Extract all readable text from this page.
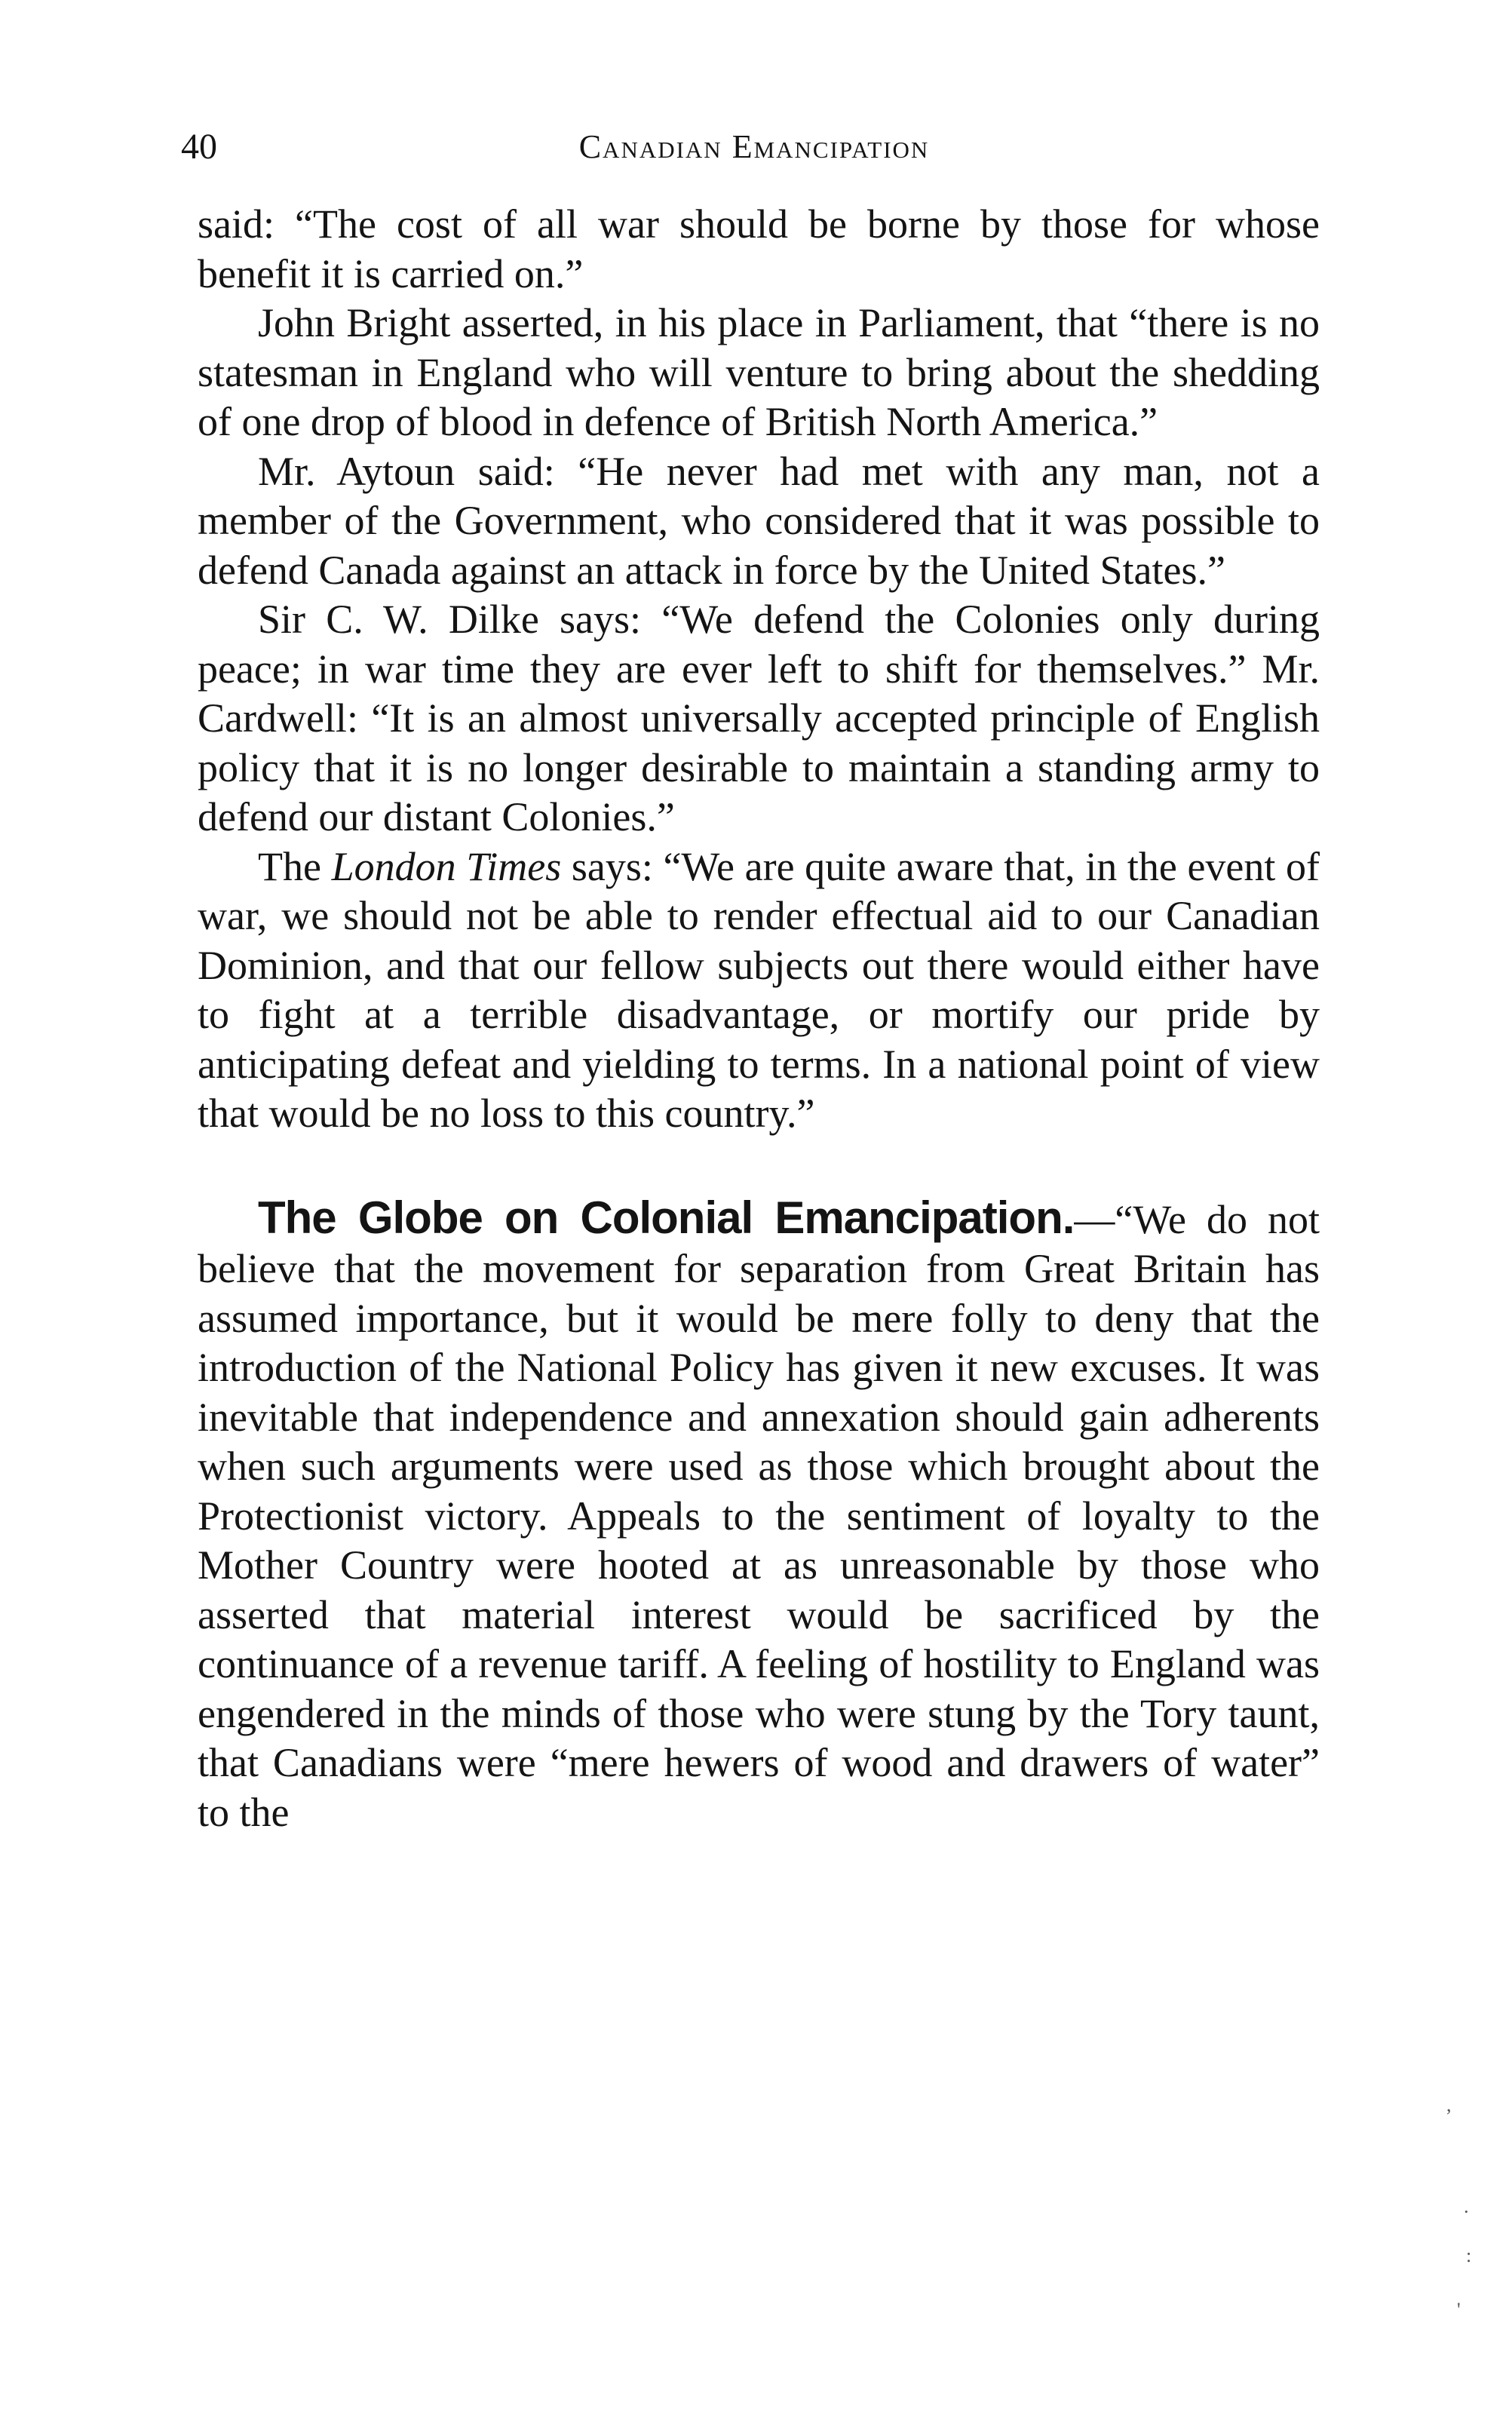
40	Canadian Emancipation

said: “The cost of all war should be borne by those for whose benefit it is carried on.”

John Bright asserted, in his place in Parliament, that “there is no statesman in England who will venture to bring about the shedding of one drop of blood in defence of British North America.”

Mr. Aytoun said: “He never had met with any man, not a member of the Government, who considered that it was possible to defend Canada against an attack in force by the United States.”

Sir C. W. Dilke says: “We defend the Colonies only during peace; in war time they are ever left to shift for themselves.” Mr. Cardwell: “It is an almost universally accepted principle of English policy that it is no longer desirable to maintain a standing army to defend our distant Colonies.”

The London Times says: “We are quite aware that, in the event of war, we should not be able to render effectual aid to our Canadian Dominion, and that our fellow subjects out there would either have to fight at a terrible disadvantage, or mortify our pride by anticipating defeat and yielding to terms. In a national point of view that would be no loss to this country.”

The Globe on Colonial Emancipation.—“We do not believe that the movement for separation from Great Britain has assumed importance, but it would be mere folly to deny that the introduction of the National Policy has given it new excuses. It was inevitable that independence and annexation should gain adherents when such arguments were used as those which brought about the Protectionist victory. Appeals to the sentiment of loyalty to the Mother Country were hooted at as unreasonable by those who asserted that material interest would be sacrificed by the continuance of a revenue tariff. A feeling of hostility to England was engendered in the minds of those who were stung by the Tory taunt, that Canadians were “mere hewers of wood and drawers of water” to the

,
·
:
'
